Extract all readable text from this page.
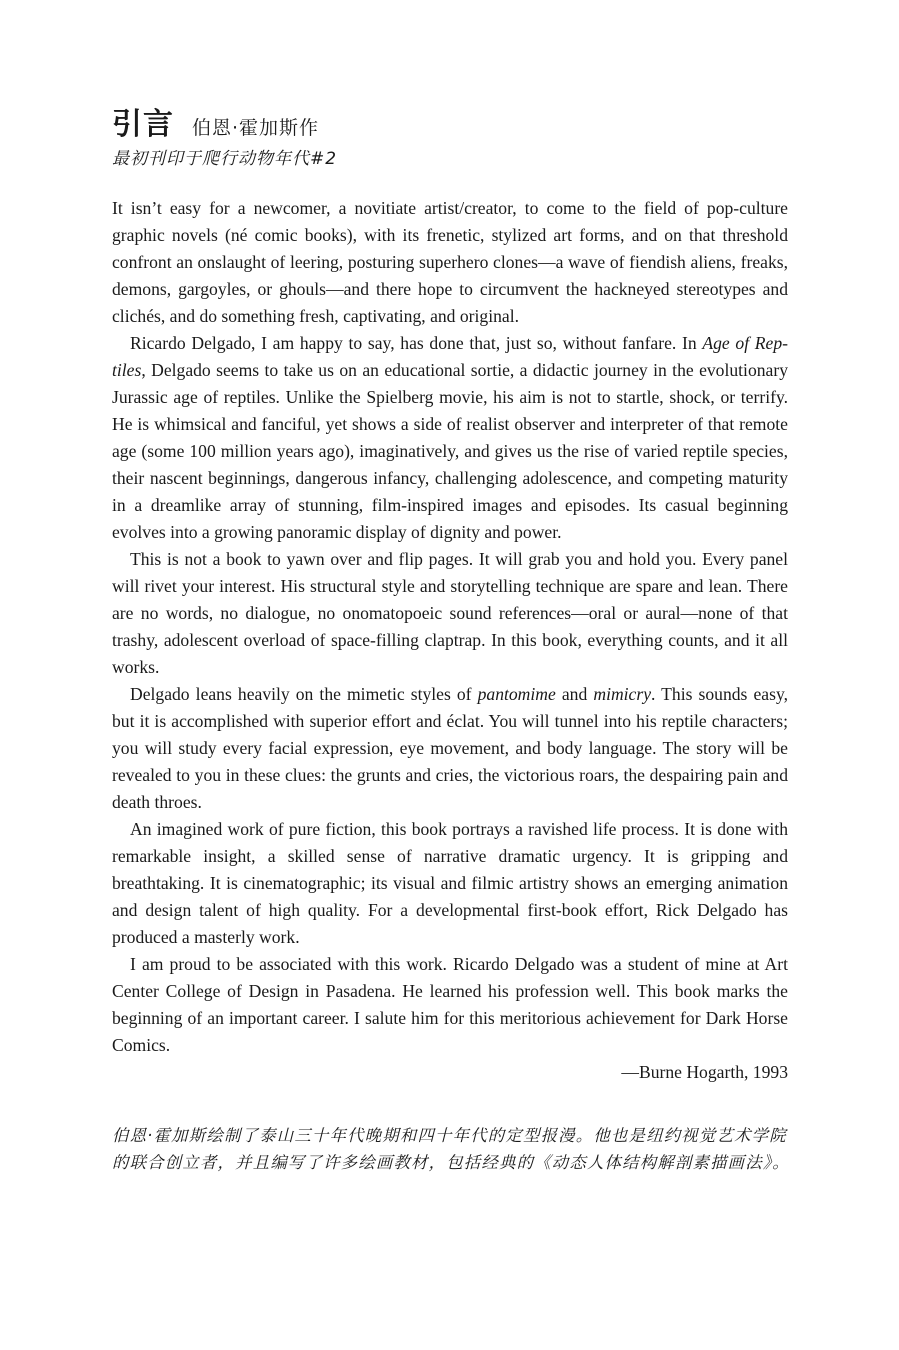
引言 伯恩·霍加斯作
最初刊印于爬行动物年代#2

It isn’t easy for a newcomer, a novitiate artist/creator, to come to the field of pop-culture graphic novels (né comic books), with its frenetic, stylized art forms, and on that threshold confront an onslaught of leering, posturing superhero clones—a wave of fiendish aliens, freaks, demons, gargoyles, or ghouls—and there hope to circumvent the hackneyed stereotypes and clichés, and do something fresh, captivating, and original.

Ricardo Delgado, I am happy to say, has done that, just so, without fanfare. In Age of Reptiles, Delgado seems to take us on an educational sortie, a didactic journey in the evolutionary Jurassic age of reptiles. Unlike the Spielberg movie, his aim is not to startle, shock, or terrify. He is whimsical and fanciful, yet shows a side of realist observer and interpreter of that remote age (some 100 million years ago), imaginatively, and gives us the rise of varied reptile species, their nascent beginnings, dangerous infancy, challenging adolescence, and competing maturity in a dreamlike array of stunning, film-inspired images and episodes. Its casual beginning evolves into a growing panoramic display of dignity and power.

This is not a book to yawn over and flip pages. It will grab you and hold you. Every panel will rivet your interest. His structural style and storytelling technique are spare and lean. There are no words, no dialogue, no onomatopoeic sound references—oral or aural—none of that trashy, adolescent overload of space-filling claptrap. In this book, everything counts, and it all works.

Delgado leans heavily on the mimetic styles of pantomime and mimicry. This sounds easy, but it is accomplished with superior effort and éclat. You will tunnel into his reptile characters; you will study every facial expression, eye movement, and body language. The story will be revealed to you in these clues: the grunts and cries, the victorious roars, the despairing pain and death throes.

An imagined work of pure fiction, this book portrays a ravished life process. It is done with remarkable insight, a skilled sense of narrative dramatic urgency. It is gripping and breathtaking. It is cinematographic; its visual and filmic artistry shows an emerging animation and design talent of high quality. For a developmental first-book effort, Rick Delgado has produced a masterly work.

I am proud to be associated with this work. Ricardo Delgado was a student of mine at Art Center College of Design in Pasadena. He learned his profession well. This book marks the beginning of an important career. I salute him for this meritorious achievement for Dark Horse Comics.

—Burne Hogarth, 1993
伯恩·霍加斯绘制了泰山三十年代晚期和四十年代的定型报漫。他也是纽约视觉艺术学院的联合创立者，并且编写了许多绘画教材，包括经典的《动态人体结构解剖素描画法》。
